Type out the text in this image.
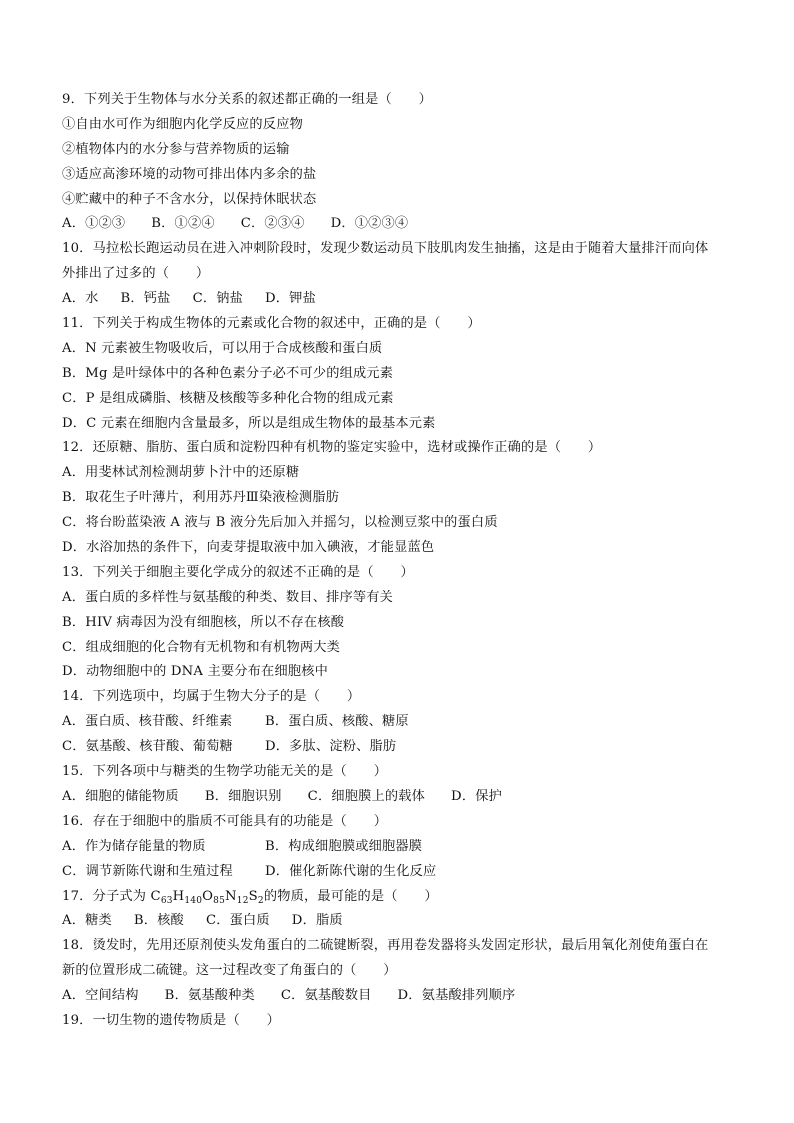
9．下列关于生物体与水分关系的叙述都正确的一组是（　　）
①自由水可作为细胞内化学反应的反应物
②植物体内的水分参与营养物质的运输
③适应高渗环境的动物可排出体内多余的盐
④贮藏中的种子不含水分，以保持休眠状态
A．①②③ B．①②④ C．②③④ D．①②③④
10．马拉松长跑运动员在进入冲刺阶段时，发现少数运动员下肢肌肉发生抽搐，这是由于随着大量排汗而向体
外排出了过多的（　　）
A．水 B．钙盐 C．钠盐 D．钾盐
11．下列关于构成生物体的元素或化合物的叙述中，正确的是（　　）
A．N 元素被生物吸收后，可以用于合成核酸和蛋白质
B．Mg 是叶绿体中的各种色素分子必不可少的组成元素
C．P 是组成磷脂、核糖及核酸等多种化合物的组成元素
D．C 元素在细胞内含量最多，所以是组成生物体的最基本元素
12．还原糖、脂肪、蛋白质和淀粉四种有机物的鉴定实验中，选材或操作正确的是（　　）
A．用斐林试剂检测胡萝卜汁中的还原糖
B．取花生子叶薄片，利用苏丹Ⅲ染液检测脂肪
C．将台盼蓝染液 A 液与 B 液分先后加入并摇匀，以检测豆浆中的蛋白质
D．水浴加热的条件下，向麦芽提取液中加入碘液，才能显蓝色
13．下列关于细胞主要化学成分的叙述不正确的是（　　）
A．蛋白质的多样性与氨基酸的种类、数目、排序等有关
B．HIV 病毒因为没有细胞核，所以不存在核酸
C．组成细胞的化合物有无机物和有机物两大类
D．动物细胞中的 DNA 主要分布在细胞核中
14．下列选项中，均属于生物大分子的是（　　）
A．蛋白质、核苷酸、纤维素 B．蛋白质、核酸、糖原
C．氨基酸、核苷酸、葡萄糖 D．多肽、淀粉、脂肪
15．下列各项中与糖类的生物学功能无关的是（　　）
A．细胞的储能物质 B．细胞识别 C．细胞膜上的载体 D．保护
16．存在于细胞中的脂质不可能具有的功能是（　　）
A．作为储存能量的物质	B．构成细胞膜或细胞器膜
C．调节新陈代谢和生殖过程 D．催化新陈代谢的生化反应
17．分子式为 $C_{63}H_{140}O_{85}N_{12}S_2$的物质，最可能的是（　　）
A．糖类 B．核酸 C．蛋白质 D．脂质
18．烫发时，先用还原剂使头发角蛋白的二硫键断裂，再用卷发器将头发固定形状，最后用氧化剂使角蛋白在
新的位置形成二硫键。这一过程改变了角蛋白的（　　）
A．空间结构 B．氨基酸种类 C．氨基酸数目 D．氨基酸排列顺序
19．一切生物的遗传物质是（　　）
